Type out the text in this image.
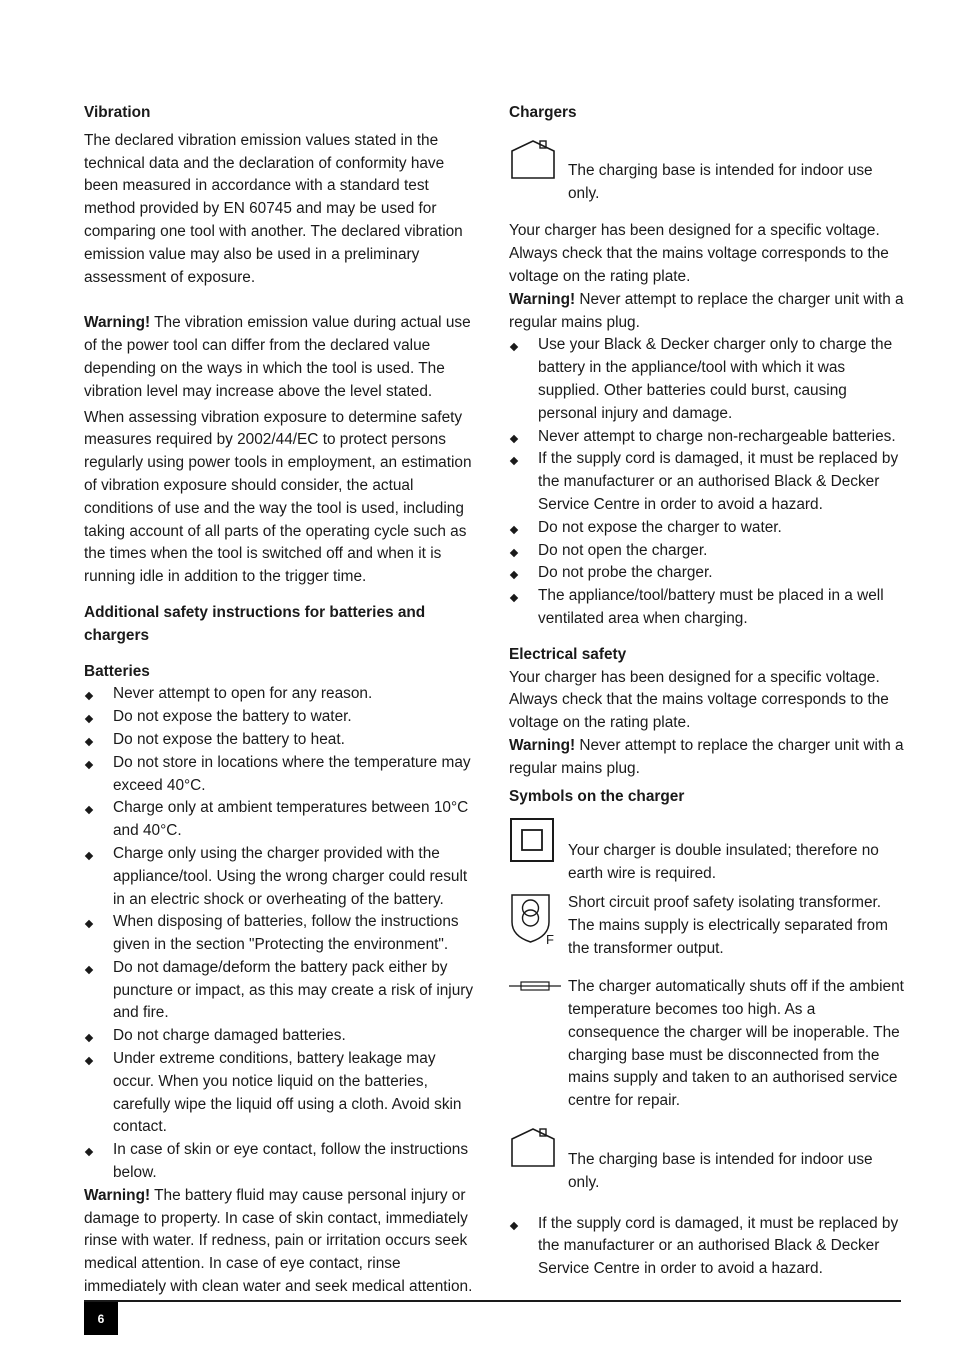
Vibration

The declared vibration emission values stated in the technical data and the declaration of conformity have been measured in accordance with a standard test method provided by EN 60745 and may be used for comparing one tool with another. The declared vibration emission value may also be used in a preliminary assessment of exposure.

Warning! The vibration emission value during actual use of the power tool can differ from the declared value depending on the ways in which the tool is used. The vibration level may increase above the level stated.

When assessing vibration exposure to determine safety measures required by 2002/44/EC to protect persons regularly using power tools in employment, an estimation of vibration exposure should consider, the actual conditions of use and the way the tool is used, including taking account of all parts of the operating cycle such as the times when the tool is switched off and when it is running idle in addition to the trigger time.

Additional safety instructions for batteries and chargers
Batteries
Never attempt to open for any reason.
Do not expose the battery to water.
Do not expose the battery to heat.
Do not store in locations where the temperature may exceed 40°C.
Charge only at ambient temperatures between 10°C and 40°C.
Charge only using the charger provided with the appliance/tool. Using the wrong charger could result in an electric shock or overheating of the battery.
When disposing of batteries, follow the instructions given in the section "Protecting the environment".
Do not damage/deform the battery pack either by puncture or impact, as this may create a risk of injury and fire.
Do not charge damaged batteries.
Under extreme conditions, battery leakage may occur. When you notice liquid on the batteries, carefully wipe the liquid off using a cloth. Avoid skin contact.
In case of skin or eye contact, follow the instructions below.

Warning! The battery fluid may cause personal injury or damage to property. In case of skin contact, immediately rinse with water. If redness, pain or irritation occurs seek medical attention. In case of eye contact, rinse immediately with clean water and seek medical attention.

Chargers
The charging base is intended for indoor use only.

Your charger has been designed for a specific voltage. Always check that the mains voltage corresponds to the voltage on the rating plate.

Warning! Never attempt to replace the charger unit with a regular mains plug.

Use your Black & Decker charger only to charge the battery in the appliance/tool with which it was supplied. Other batteries could burst, causing personal injury and damage.
Never attempt to charge non-rechargeable batteries.
If the supply cord is damaged, it must be replaced by the manufacturer or an authorised Black & Decker Service Centre in order to avoid a hazard.
Do not expose the charger to water.
Do not open the charger.
Do not probe the charger.
The appliance/tool/battery must be placed in a well ventilated area when charging.
Electrical safety

Your charger has been designed for a specific voltage. Always check that the mains voltage corresponds to the voltage on the rating plate.

Warning! Never attempt to replace the charger unit with a regular mains plug.

Symbols on the charger
Your charger is double insulated; therefore no earth wire is required.
F
Short circuit proof safety isolating transformer. The mains supply is electrically separated from the transformer output.
The charger automatically shuts off if the ambient temperature becomes too high. As a consequence the charger will be inoperable. The charging base must be disconnected from the mains supply and taken to an authorised service centre for repair.
The charging base is intended for indoor use only.
If the supply cord is damaged, it must be replaced by the manufacturer or an authorised Black & Decker Service Centre in order to avoid a hazard.
6
